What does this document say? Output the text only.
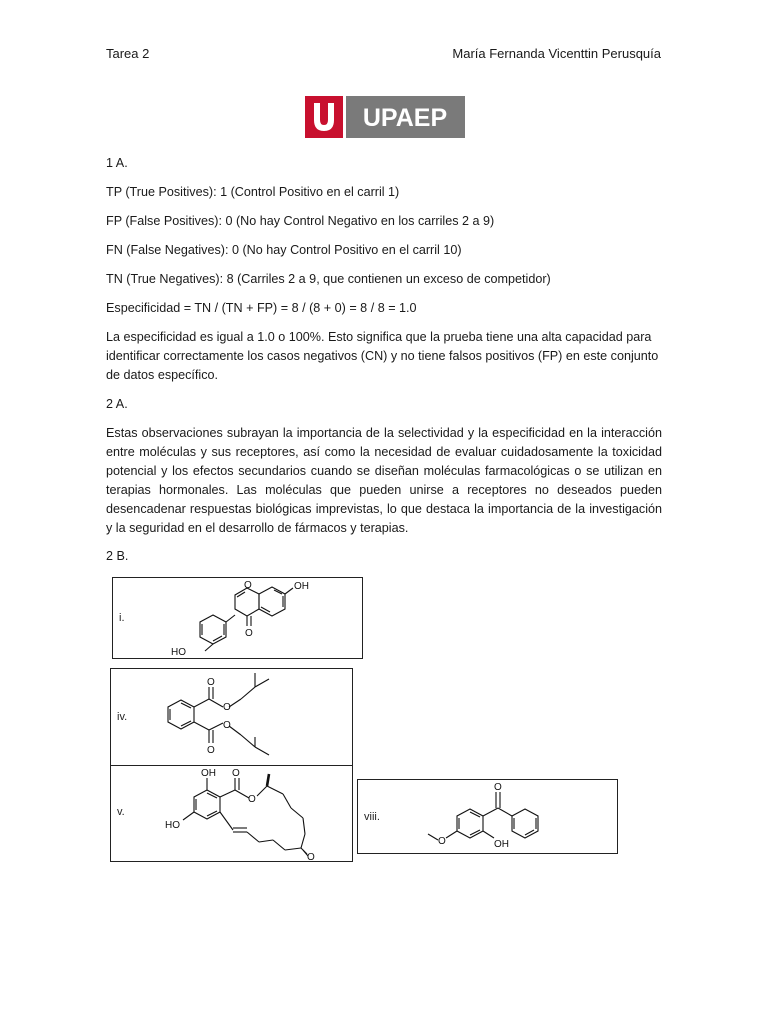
Tarea 2	María Fernanda Vicenttin Perusquía
UPAEP

1 A.

TP (True Positives): 1 (Control Positivo en el carril 1)

FP (False Positives): 0 (No hay Control Negativo en los carriles 2 a 9)

FN (False Negatives): 0 (No hay Control Positivo en el carril 10)

TN (True Negatives): 8 (Carriles 2 a 9, que contienen un exceso de competidor)

Especificidad = TN / (TN + FP) = 8 / (8 + 0) = 8 / 8 = 1.0

La especificidad es igual a 1.0 o 100%. Esto significa que la prueba tiene una alta capacidad para identificar correctamente los casos negativos (CN) y no tiene falsos positivos (FP) en este conjunto de datos específico.

2 A.

Estas observaciones subrayan la importancia de la selectividad y la especificidad en la interacción entre moléculas y sus receptores, así como la necesidad de evaluar cuidadosamente la toxicidad potencial y los efectos secundarios cuando se diseñan moléculas farmacológicas o se utilizan en terapias hormonales. Las moléculas que pueden unirse a receptores no deseados pueden desencadenar respuestas biológicas imprevistas, lo que destaca la importancia de la investigación y la seguridad en el desarrollo de fármacos y terapias.

2 B.

i.
O	OH
O
HO
iv.
O
O
O
O
v.
OH O
O
HO
O
viii.
O
O	OH
